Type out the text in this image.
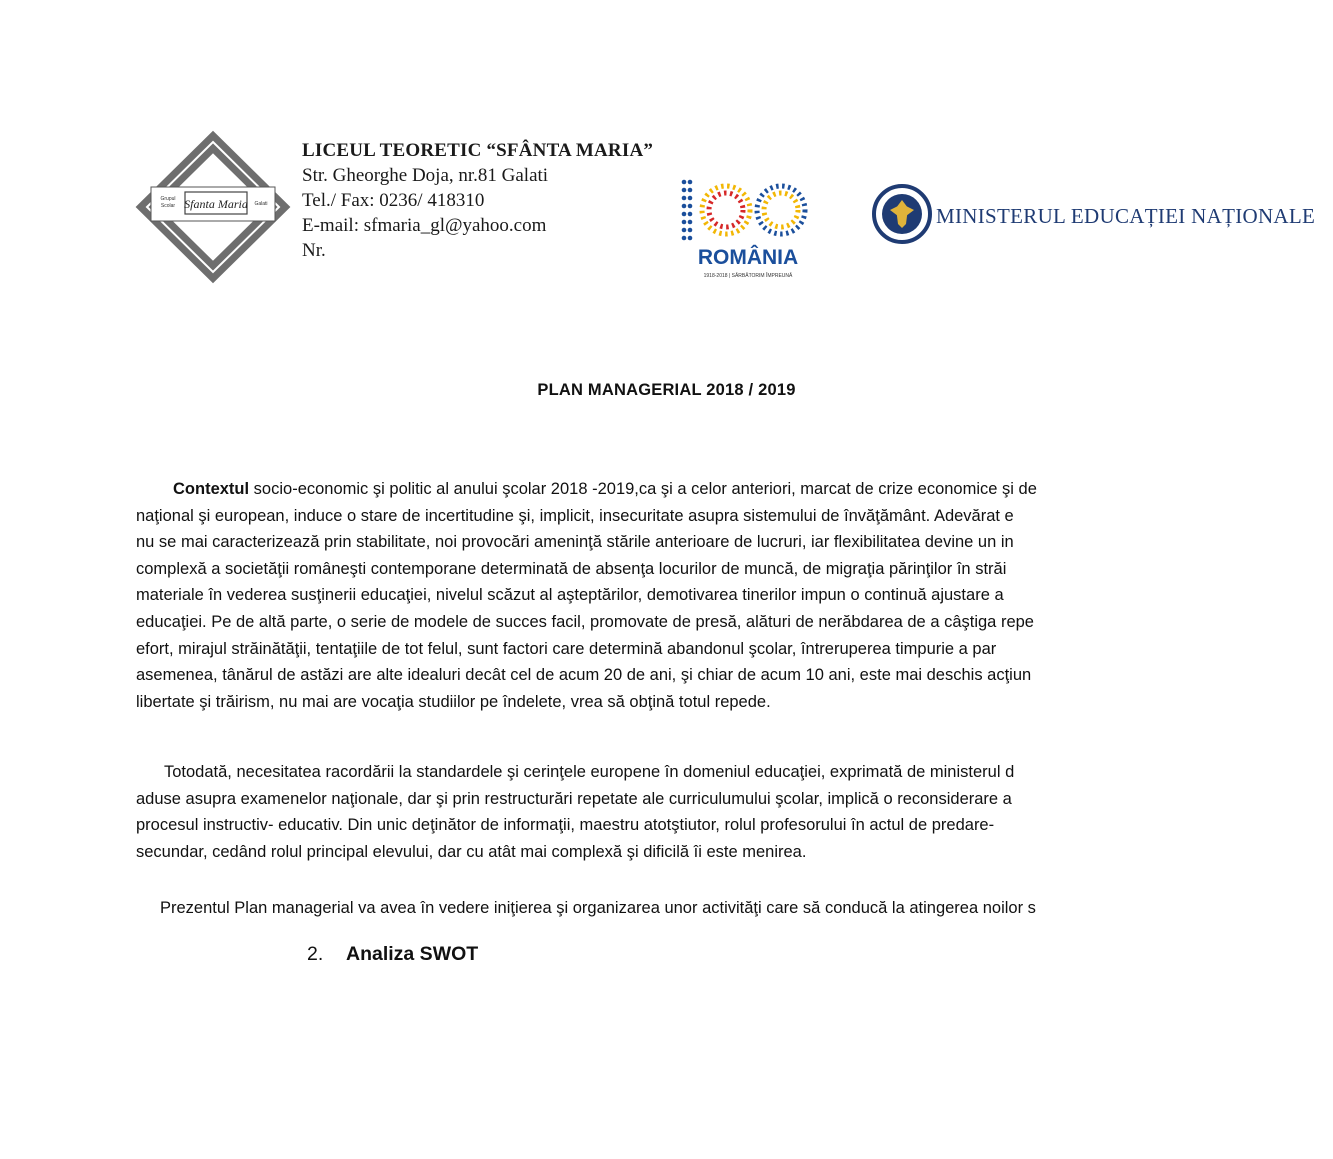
Sfanta Maria
Grupul
Scolar	Galati
LICEUL TEORETIC “SFÂNTA MARIA”
Str. Gheorghe Doja, nr.81 Galati
Tel./ Fax: 0236/ 418310
E-mail: sfmaria_gl@yahoo.com
Nr.	ROMÂNIA
1918-2018 | SĂRBĂTORIM ÎMPREUNĂ
100	MINISTERUL EDUCAȚIEI NAȚIONALE
PLAN MANAGERIAL 2018 / 2019
Contextul socio-economic şi politic al anului şcolar 2018 -2019,ca şi a celor anteriori, marcat de crize economice şi de
naţional şi european, induce o stare de incertitudine şi, implicit, insecuritate asupra sistemului de învăţământ. Adevărat e
nu se mai caracterizează prin stabilitate, noi provocări ameninţă stările anterioare de lucruri, iar flexibilitatea devine un in
complexă a societăţii româneşti contemporane determinată de absenţa locurilor de muncă, de migraţia părinţilor în străi
materiale în vederea susţinerii educaţiei, nivelul scăzut al aşteptărilor, demotivarea tinerilor impun o continuă ajustare a
educaţiei. Pe de altă parte, o serie de modele de succes facil, promovate de presă, alături de nerăbdarea de a câştiga repe
efort, mirajul străinătăţii, tentaţiile de tot felul, sunt factori care determină abandonul şcolar, întreruperea timpurie a par
asemenea, tânărul de astăzi are alte idealuri decât cel de acum 20 de ani, şi chiar de acum 10 ani, este mai deschis acţiun
libertate şi trăirism, nu mai are vocaţia studiilor pe îndelete, vrea să obţină totul repede.
Totodată, necesitatea racordării la standardele şi cerinţele europene în domeniul educaţiei, exprimată de ministerul d
aduse asupra examenelor naţionale, dar şi prin restructurări repetate ale curriculumului şcolar, implică o reconsiderare a
procesul instructiv- educativ. Din unic deţinător de informaţii, maestru atotştiutor, rolul profesorului în actul de predare-
secundar, cedând rolul principal elevului, dar cu atât mai complexă şi dificilă îi este menirea.
Prezentul Plan managerial va avea în vedere iniţierea şi organizarea unor activităţi care să conducă la atingerea noilor s
2. Analiza SWOT
